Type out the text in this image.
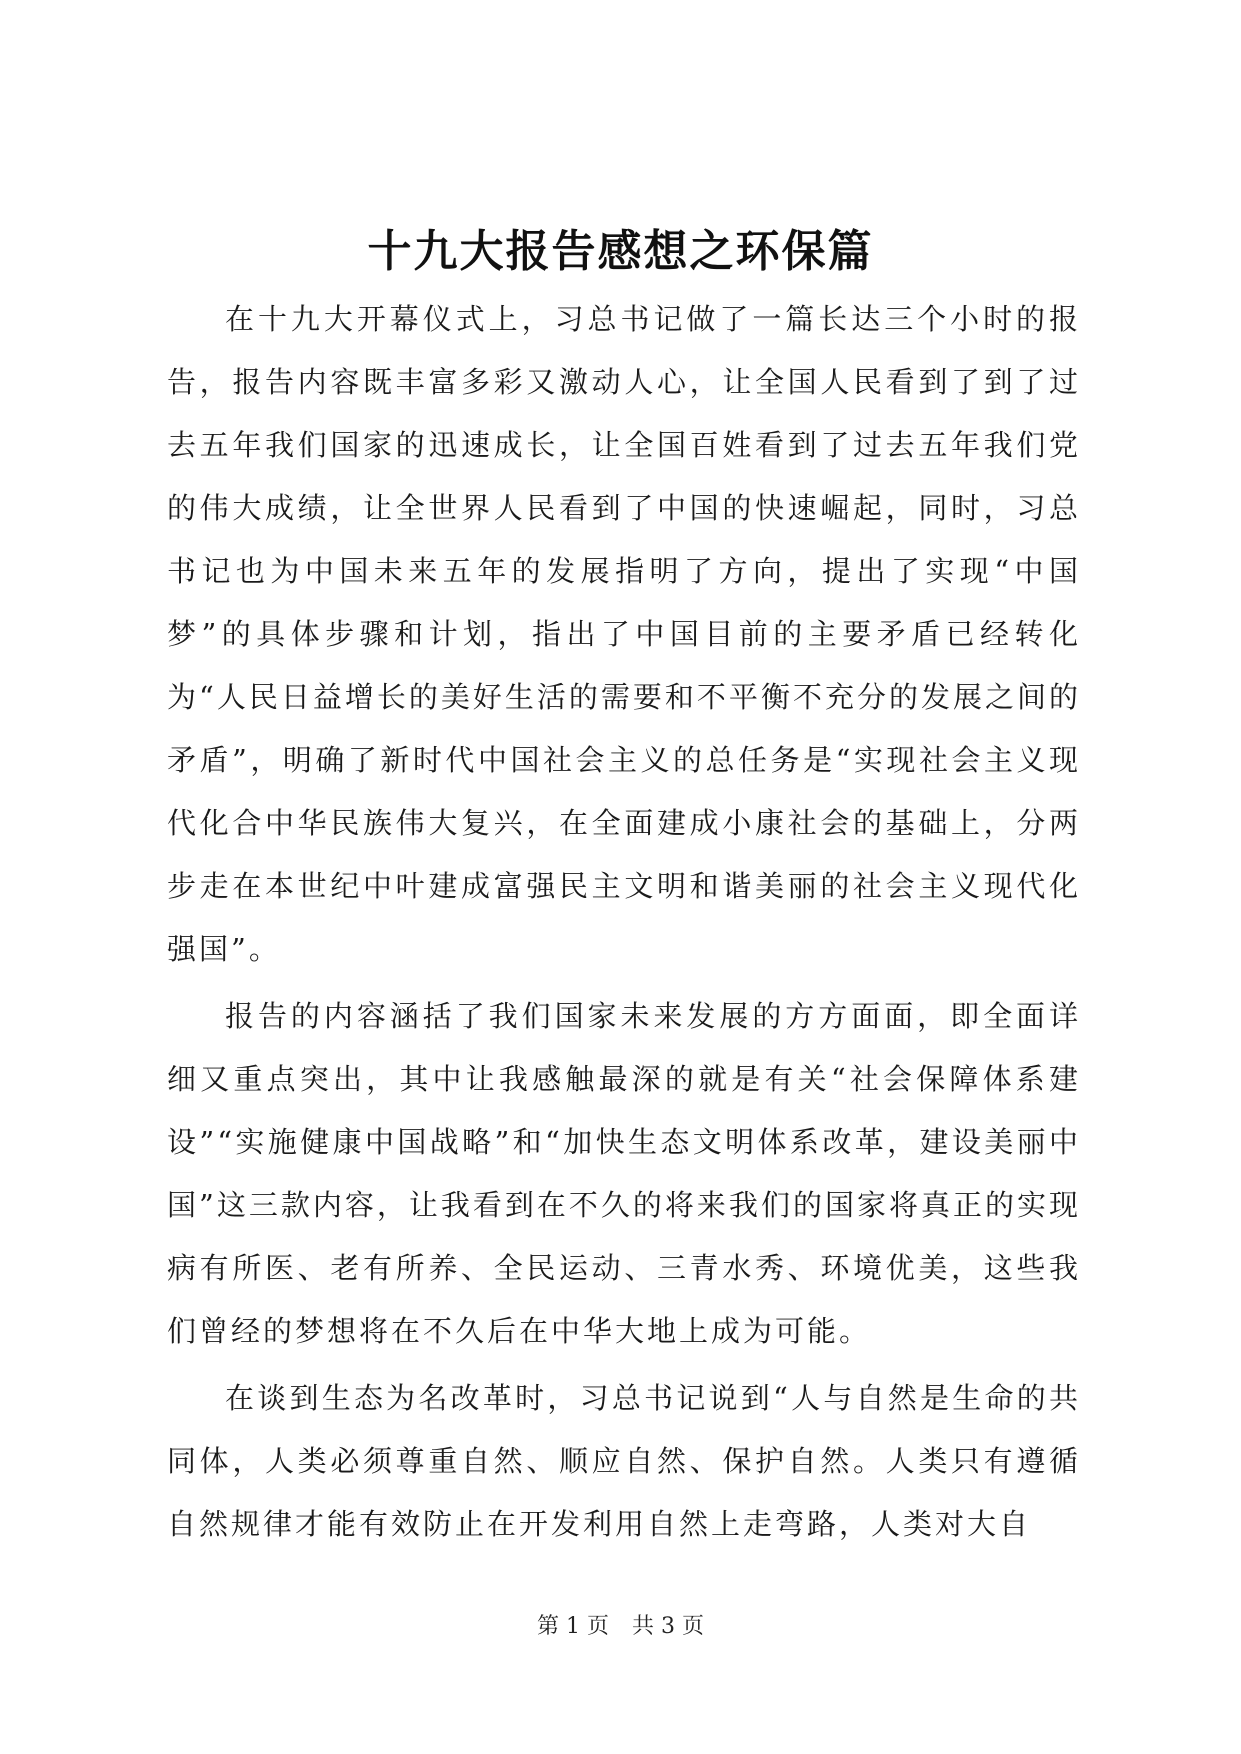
十九大报告感想之环保篇

在十九大开幕仪式上，习总书记做了一篇长达三个小时的报告，报告内容既丰富多彩又激动人心，让全国人民看到了到了过去五年我们国家的迅速成长，让全国百姓看到了过去五年我们党的伟大成绩，让全世界人民看到了中国的快速崛起，同时，习总书记也为中国未来五年的发展指明了方向，提出了实现“中国梦”的具体步骤和计划，指出了中国目前的主要矛盾已经转化为“人民日益增长的美好生活的需要和不平衡不充分的发展之间的矛盾”，明确了新时代中国社会主义的总任务是“实现社会主义现代化合中华民族伟大复兴，在全面建成小康社会的基础上，分两步走在本世纪中叶建成富强民主文明和谐美丽的社会主义现代化强国”。

报告的内容涵括了我们国家未来发展的方方面面，即全面详细又重点突出，其中让我感触最深的就是有关“社会保障体系建设”“实施健康中国战略”和“加快生态文明体系改革，建设美丽中国”这三款内容，让我看到在不久的将来我们的国家将真正的实现病有所医、老有所养、全民运动、三青水秀、环境优美，这些我们曾经的梦想将在不久后在中华大地上成为可能。

在谈到生态为名改革时，习总书记说到“人与自然是生命的共同体，人类必须尊重自然、顺应自然、保护自然。人类只有遵循自然规律才能有效防止在开发利用自然上走弯路，人类对大自

第 1 页 共 3 页
